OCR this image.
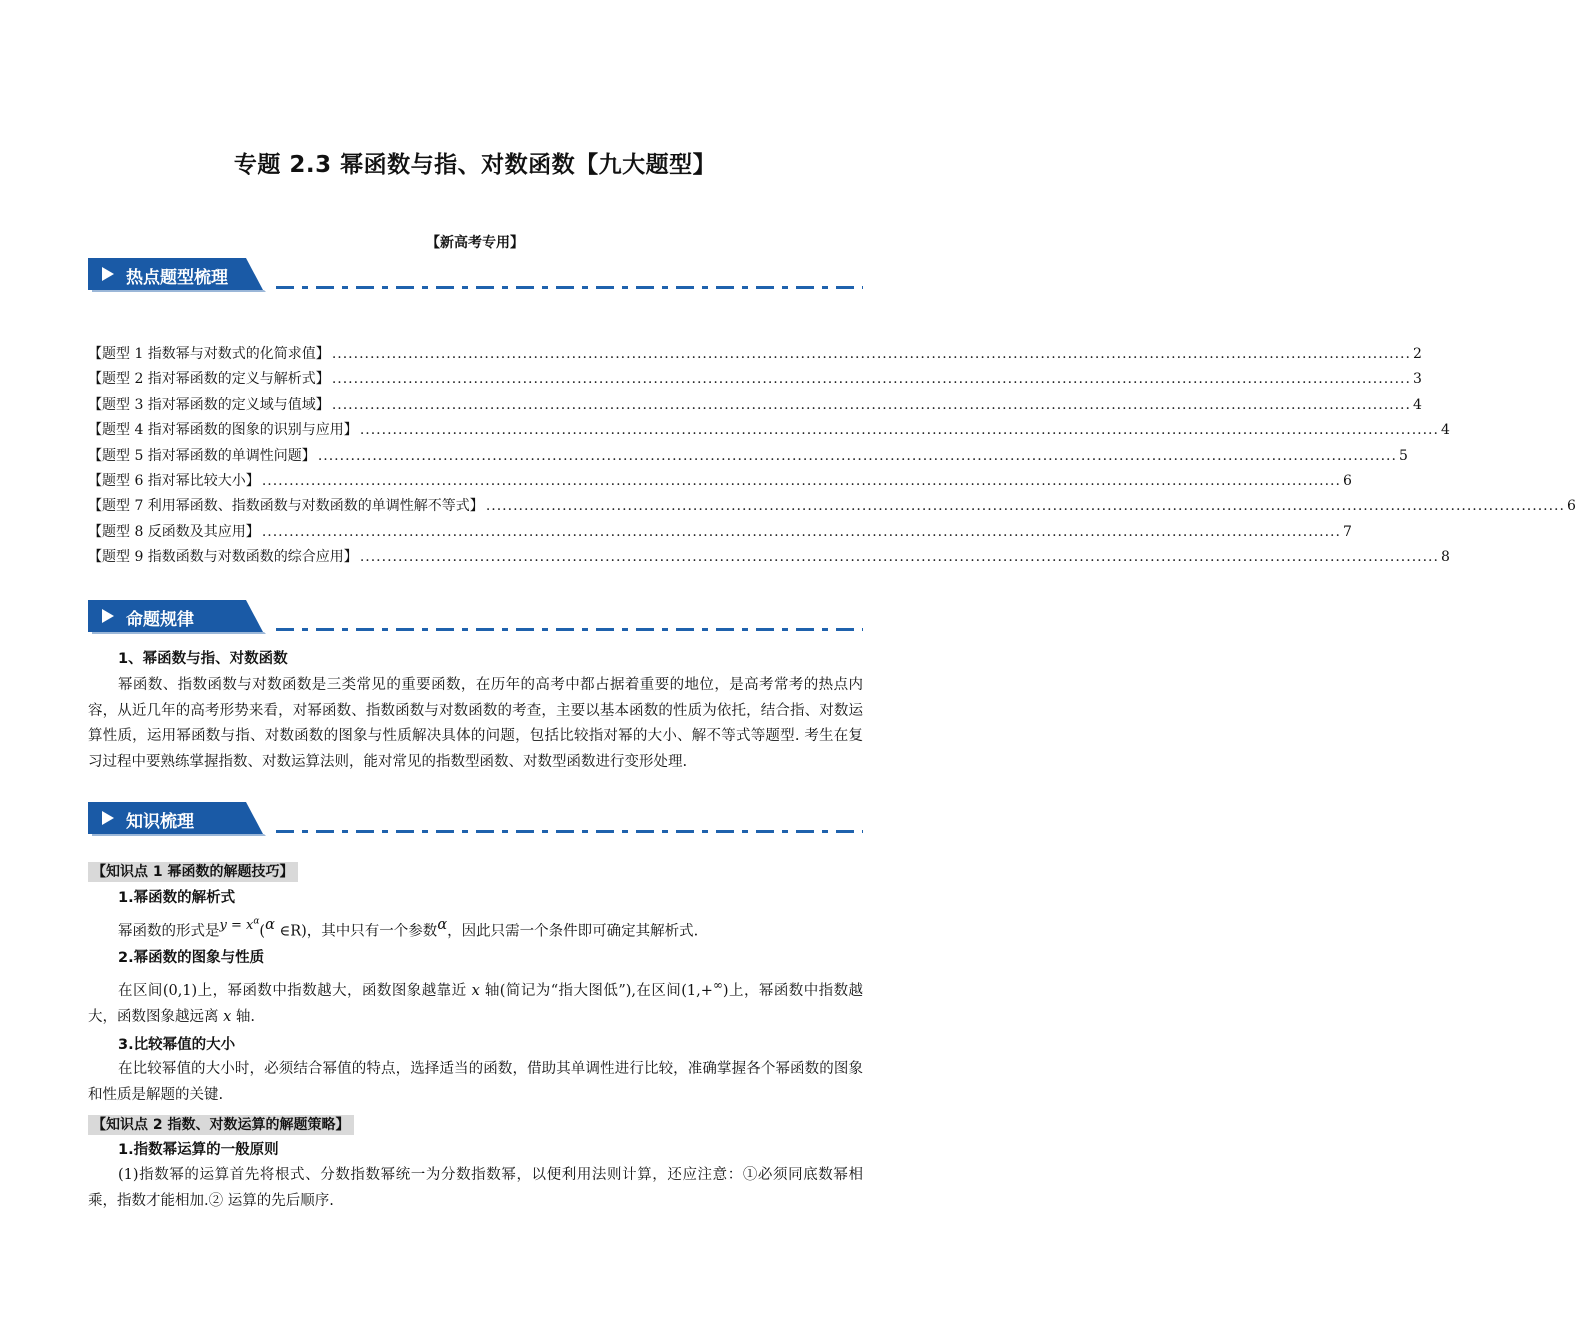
专题 2.3 幂函数与指、对数函数【九大题型】
【新高考专用】
热点题型梳理
【题型 1 指数幂与对数式的化简求值】 ...................................................................................................................................................................................................... 2
【题型 2 指对幂函数的定义与解析式】 ...................................................................................................................................................................................................... 3
【题型 3 指对幂函数的定义域与值域】 ...................................................................................................................................................................................................... 4
【题型 4 指对幂函数的图象的识别与应用】 ...................................................................................................................................................................................................... 4
【题型 5 指对幂函数的单调性问题】 ...................................................................................................................................................................................................... 5
【题型 6 指对幂比较大小】 ...................................................................................................................................................................................................... 6
【题型 7 利用幂函数、指数函数与对数函数的单调性解不等式】 ...................................................................................................................................................................................................... 6
【题型 8 反函数及其应用】 ...................................................................................................................................................................................................... 7
【题型 9 指数函数与对数函数的综合应用】 ...................................................................................................................................................................................................... 8
命题规律
1、幂函数与指、对数函数
幂函数、指数函数与对数函数是三类常见的重要函数，在历年的高考中都占据着重要的地位，是高考常考的热点内容，从近几年的高考形势来看，对幂函数、指数函数与对数函数的考查，主要以基本函数的性质为依托，结合指、对数运算性质，运用幂函数与指、对数函数的图象与性质解决具体的问题，包括比较指对幂的大小、解不等式等题型. 考生在复习过程中要熟练掌握指数、对数运算法则，能对常见的指数型函数、对数型函数进行变形处理.
知识梳理
【知识点 1 幂函数的解题技巧】
1.幂函数的解析式
幂函数的形式是$y = x^\alpha(\alpha$ ∈R)，其中只有一个参数α，因此只需一个条件即可确定其解析式.
2.幂函数的图象与性质
在区间(0,1)上，幂函数中指数越大，函数图象越靠近 x 轴(简记为“指大图低”),在区间(1,+∞)上，幂函数中指数越大，函数图象越远离 x 轴.
3.比较幂值的大小
在比较幂值的大小时，必须结合幂值的特点，选择适当的函数，借助其单调性进行比较，准确掌握各个幂函数的图象和性质是解题的关键.
【知识点 2 指数、对数运算的解题策略】
1.指数幂运算的一般原则
(1)指数幂的运算首先将根式、分数指数幂统一为分数指数幂，以便利用法则计算，还应注意：①必须同底数幂相乘，指数才能相加.② 运算的先后顺序.
